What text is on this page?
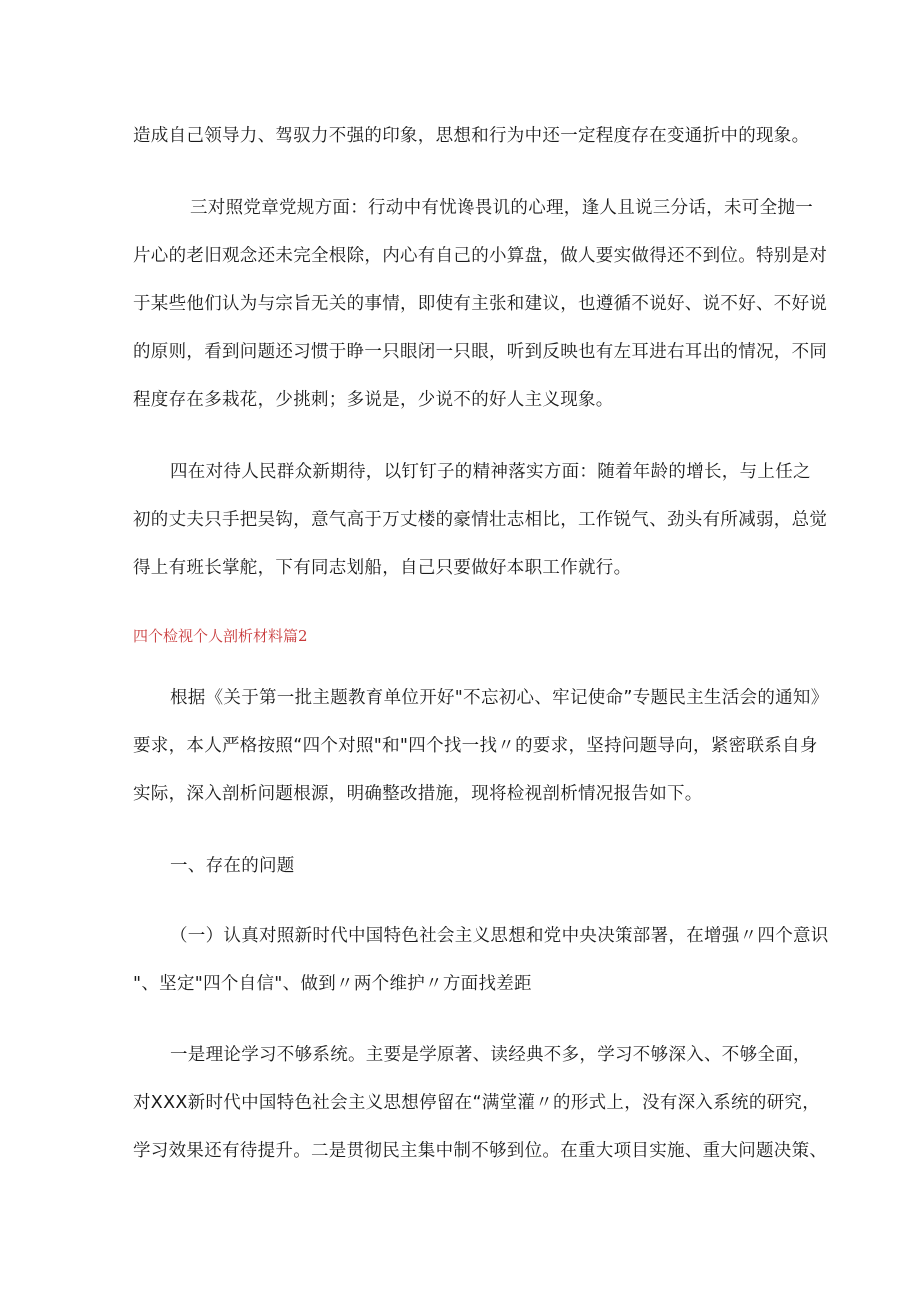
造成自己领导力、驾驭力不强的印象，思想和行为中还一定程度存在变通折中的现象。
三对照党章党规方面：行动中有忧谗畏讥的心理，逢人且说三分话，未可全抛一
片心的老旧观念还未完全根除，内心有自己的小算盘，做人要实做得还不到位。特别是对
于某些他们认为与宗旨无关的事情，即使有主张和建议，也遵循不说好、说不好、不好说
的原则，看到问题还习惯于睁一只眼闭一只眼，听到反映也有左耳进右耳出的情况，不同
程度存在多栽花，少挑刺；多说是，少说不的好人主义现象。
四在对待人民群众新期待，以钉钉子的精神落实方面：随着年龄的增长，与上任之
初的丈夫只手把吴钩，意气高于万丈楼的豪情壮志相比，工作锐气、劲头有所减弱，总觉
得上有班长掌舵，下有同志划船，自己只要做好本职工作就行。
四个检视个人剖析材料篇2
根据《关于第一批主题教育单位开好"不忘初心、牢记使命”专题民主生活会的通知》
要求，本人严格按照“四个对照"和"四个找一找〃的要求，坚持问题导向，紧密联系自身
实际，深入剖析问题根源，明确整改措施，现将检视剖析情况报告如下。
一、存在的问题
（一）认真对照新时代中国特色社会主义思想和党中央决策部署，在增强〃四个意识
"、坚定"四个自信"、做到〃两个维护〃方面找差距
一是理论学习不够系统。主要是学原著、读经典不多，学习不够深入、不够全面，
对XXX新时代中国特色社会主义思想停留在“满堂灌〃的形式上，没有深入系统的研究，
学习效果还有待提升。二是贯彻民主集中制不够到位。在重大项目实施、重大问题决策、
